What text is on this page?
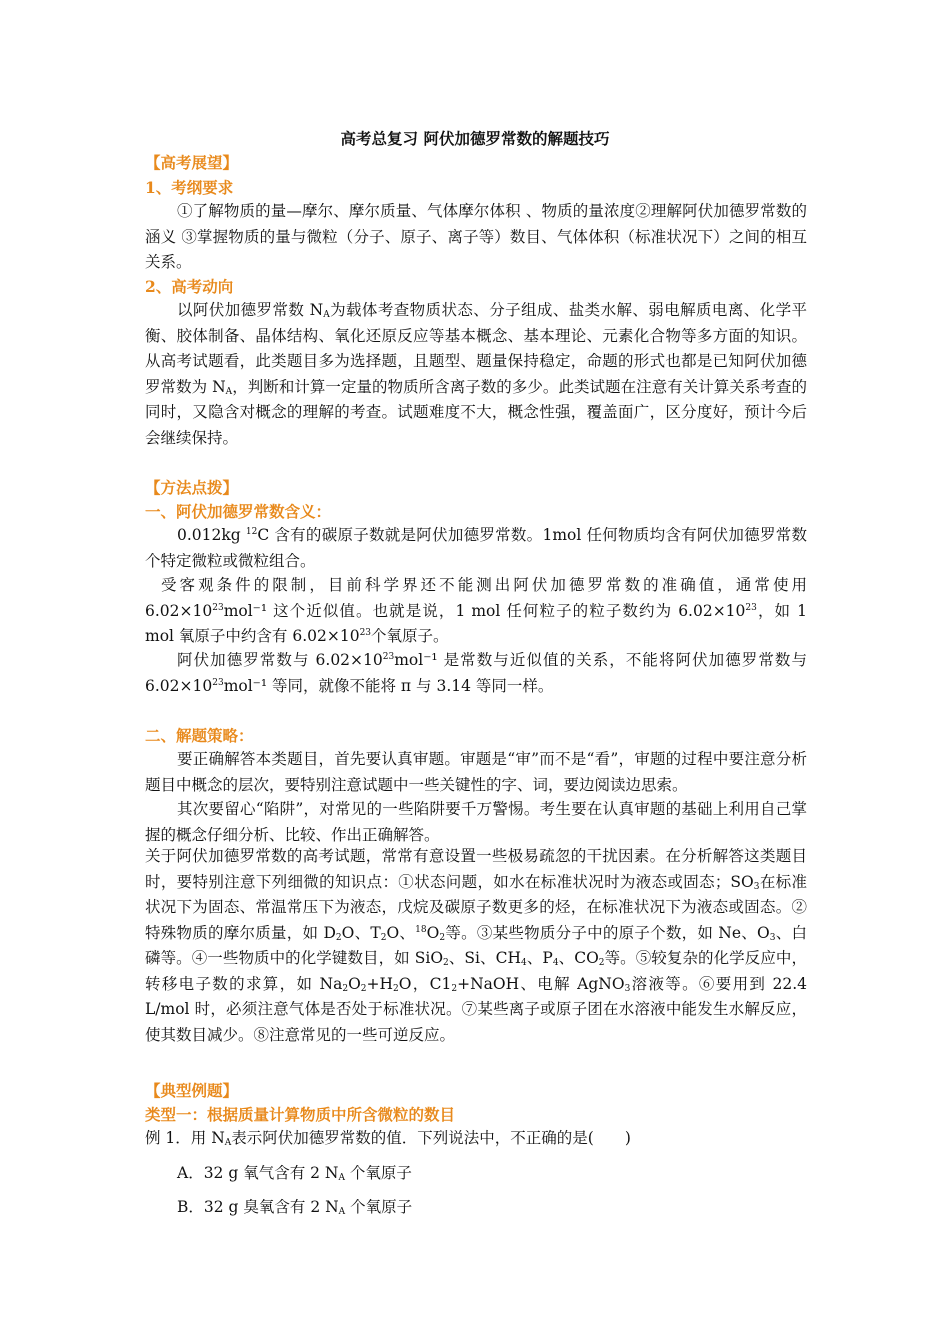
高考总复习 阿伏加德罗常数的解题技巧
【高考展望】
1、考纲要求
①了解物质的量—摩尔、摩尔质量、气体摩尔体积 、物质的量浓度②理解阿伏加德罗常数的涵义 ③掌握物质的量与微粒（分子、原子、离子等）数目、气体体积（标准状况下）之间的相互关系。
2、高考动向
以阿伏加德罗常数 $N_A$为载体考查物质状态、分子组成、盐类水解、弱电解质电离、化学平衡、胶体制备、晶体结构、氧化还原反应等基本概念、基本理论、元素化合物等多方面的知识。从高考试题看，此类题目多为选择题，且题型、题量保持稳定，命题的形式也都是已知阿伏加德罗常数为 $N_A$，判断和计算一定量的物质所含离子数的多少。此类试题在注意有关计算关系考查的同时，又隐含对概念的理解的考查。试题难度不大，概念性强，覆盖面广，区分度好，预计今后会继续保持。
【方法点拨】
一、阿伏加德罗常数含义：
0.012kg $^{12}$C 含有的碳原子数就是阿伏加德罗常数。1mol 任何物质均含有阿伏加德罗常数个特定微粒或微粒组合。
受客观条件的限制，目前科学界还不能测出阿伏加德罗常数的准确值，通常使用 $6.02\times 10^{23}mol^{-1}$ 这个近似值。也就是说，1 mol 任何粒子的粒子数约为 $6.02\times 10^{23}$，如 1 mol 氧原子中约含有 $6.02\times 10^{23}$个氧原子。
阿伏加德罗常数与 $6.02\times 10^{23}mol^{-1}$ 是常数与近似值的关系，不能将阿伏加德罗常数与 $6.02\times 10^{23}mol^{-1}$ 等同，就像不能将 π 与 3.14 等同一样。
二、解题策略：
要正确解答本类题目，首先要认真审题。审题是“审”而不是“看”，审题的过程中要注意分析题目中概念的层次，要特别注意试题中一些关键性的字、词，要边阅读边思索。
其次要留心“陷阱”，对常见的一些陷阱要千万警惕。考生要在认真审题的基础上利用自己掌握的概念仔细分析、比较、作出正确解答。
关于阿伏加德罗常数的高考试题，常常有意设置一些极易疏忽的干扰因素。在分析解答这类题目时，要特别注意下列细微的知识点：①状态问题，如水在标准状况时为液态或固态；$SO_3$在标准状况下为固态、常温常压下为液态，戊烷及碳原子数更多的烃，在标准状况下为液态或固态。②特殊物质的摩尔质量，如 $D_2O$、$T_2O$、$^{18}O_2$等。③某些物质分子中的原子个数，如 Ne、$O_3$、白磷等。④一些物质中的化学键数目，如 SiO$_2$、Si、$CH_4$、$P_4$、$CO_2$等。⑤较复杂的化学反应中，转移电子数的求算，如 $Na_2O_2+H_2O$，$C1_2+NaOH$、电解 AgNO$_3$溶液等。⑥要用到 22.4 L/mol 时，必须注意气体是否处于标准状况。⑦某些离子或原子团在水溶液中能发生水解反应，使其数目减少。⑧注意常见的一些可逆反应。
【典型例题】
类型一：根据质量计算物质中所含微粒的数目
例 1．用 $N_A$表示阿伏加德罗常数的值．下列说法中，不正确的是(　　)
A．32 g 氧气含有 2 $N_A$ 个氧原子
B．32 g 臭氧含有 2 $N_A$ 个氧原子
